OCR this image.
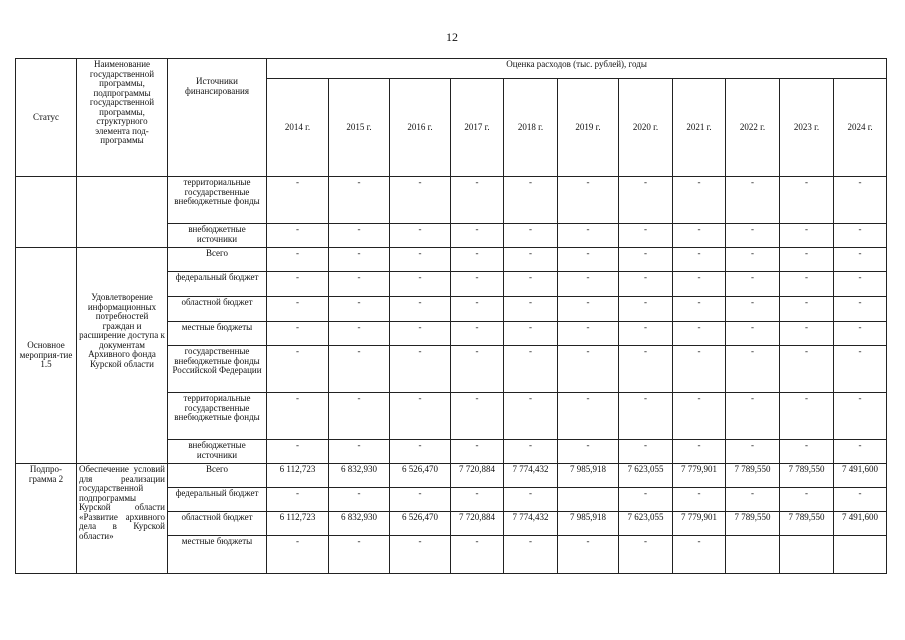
12
Статус	Наименование государственной программы, подпрограммы государственной программы, структурного элемента под-программы	Источники финансирования	Оценка расходов (тыс. рублей), годы										
			2014 г.	2015 г.	2016 г.	2017 г.	2018 г.	2019 г.	2020 г.	2021 г.	2022 г.	2023 г.	2024 г.
		территориальные государственные внебюджетные фонды	-	-	-	-	-	-	-	-	-	-	-
		внебюджетные источники	-	-	-	-	-	-	-	-	-	-	-
Основное мероприя-тие 1.5	Удовлетворение информационных потребностей граждан и расширение доступа к документам Архивного фонда Курской области	Всего	-	-	-	-	-	-	-	-	-	-	-
		федеральный бюджет	-	-	-	-	-	-	-	-	-	-	-
		областной бюджет	-	-	-	-	-	-	-	-	-	-	-
		местные бюджеты	-	-	-	-	-	-	-	-	-	-	-
		государственные внебюджетные фонды Российской Федерации	-	-	-	-	-	-	-	-	-	-	-
		территориальные государственные внебюджетные фонды	-	-	-	-	-	-	-	-	-	-	-
		внебюджетные источники	-	-	-	-	-	-	-	-	-	-	-
Подпро-грамма 2	Обеспечение условий для реализации государственной подпрограммы Курской области «Развитие архивного дела в Курской области»	Всего	6 112,723	6 832,930	6 526,470	7 720,884	7 774,432	7 985,918	7 623,055	7 779,901	7 789,550	7 789,550	7 491,600
		федеральный бюджет	-	-	-	-	-		-	-	-	-	-
		областной бюджет	6 112,723	6 832,930	6 526,470	7 720,884	7 774,432	7 985,918	7 623,055	7 779,901	7 789,550	7 789,550	7 491,600
		местные бюджеты	-	-	-	-	-	-	-	-			
